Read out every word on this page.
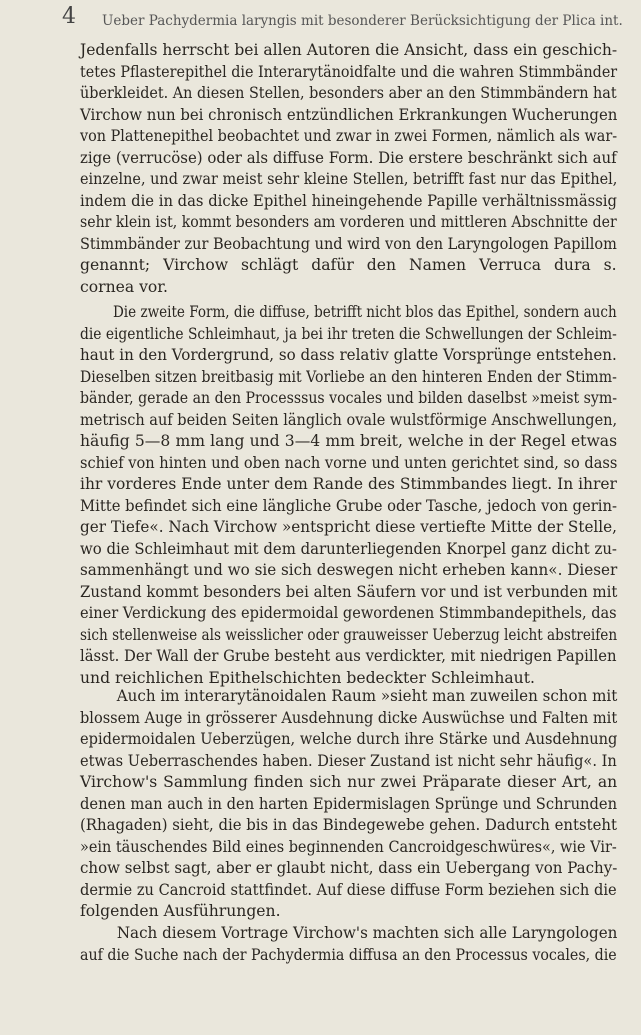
4 Ueber Pachydermia laryngis mit besonderer Berücksichtigung der Plica int.

Jedenfalls herrscht bei allen Autoren die Ansicht, dass ein geschich-
tetes Pflasterepithel die Interarytänoidfalte und die wahren Stimmbänder
überkleidet. An diesen Stellen, besonders aber an den Stimmbändern hat
Virchow nun bei chronisch entzündlichen Erkrankungen Wucherungen
von Plattenepithel beobachtet und zwar in zwei Formen, nämlich als war-
zige (verrucöse) oder als diffuse Form. Die erstere beschränkt sich auf
einzelne, und zwar meist sehr kleine Stellen, betrifft fast nur das Epithel,
indem die in das dicke Epithel hineingehende Papille verhältnissmässig
sehr klein ist, kommt besonders am vorderen und mittleren Abschnitte der
Stimmbänder zur Beobachtung und wird von den Laryngologen Papillom
genannt; Virchow schlägt dafür den Namen Verruca dura s.
cornea vor.

Die zweite Form, die diffuse, betrifft nicht blos das Epithel, sondern auch
die eigentliche Schleimhaut, ja bei ihr treten die Schwellungen der Schleim-
haut in den Vordergrund, so dass relativ glatte Vorsprünge entstehen.
Dieselben sitzen breitbasig mit Vorliebe an den hinteren Enden der Stimm-
bänder, gerade an den Processsus vocales und bilden daselbst »meist sym-
metrisch auf beiden Seiten länglich ovale wulstförmige Anschwellungen,
häufig 5—8 mm lang und 3—4 mm breit, welche in der Regel etwas
schief von hinten und oben nach vorne und unten gerichtet sind, so dass
ihr vorderes Ende unter dem Rande des Stimmbandes liegt. In ihrer
Mitte befindet sich eine längliche Grube oder Tasche, jedoch von gerin-
ger Tiefe«. Nach Virchow »entspricht diese vertiefte Mitte der Stelle,
wo die Schleimhaut mit dem darunterliegenden Knorpel ganz dicht zu-
sammenhängt und wo sie sich deswegen nicht erheben kann«. Dieser
Zustand kommt besonders bei alten Säufern vor und ist verbunden mit
einer Verdickung des epidermoidal gewordenen Stimmbandepithels, das
sich stellenweise als weisslicher oder grauweisser Ueberzug leicht abstreifen
lässt. Der Wall der Grube besteht aus verdickter, mit niedrigen Papillen
und reichlichen Epithelschichten bedeckter Schleimhaut.

Auch im interarytänoidalen Raum »sieht man zuweilen schon mit
blossem Auge in grösserer Ausdehnung dicke Auswüchse und Falten mit
epidermoidalen Ueberzügen, welche durch ihre Stärke und Ausdehnung
etwas Ueberraschendes haben. Dieser Zustand ist nicht sehr häufig«. In
Virchow's Sammlung finden sich nur zwei Präparate dieser Art, an
denen man auch in den harten Epidermislagen Sprünge und Schrunden
(Rhagaden) sieht, die bis in das Bindegewebe gehen. Dadurch entsteht
»ein täuschendes Bild eines beginnenden Cancroidgeschwüres«, wie Vir-
chow selbst sagt, aber er glaubt nicht, dass ein Uebergang von Pachy-
dermie zu Cancroid stattfindet. Auf diese diffuse Form beziehen sich die
folgenden Ausführungen.

Nach diesem Vortrage Virchow's machten sich alle Laryngologen
auf die Suche nach der Pachydermia diffusa an den Processus vocales, die
